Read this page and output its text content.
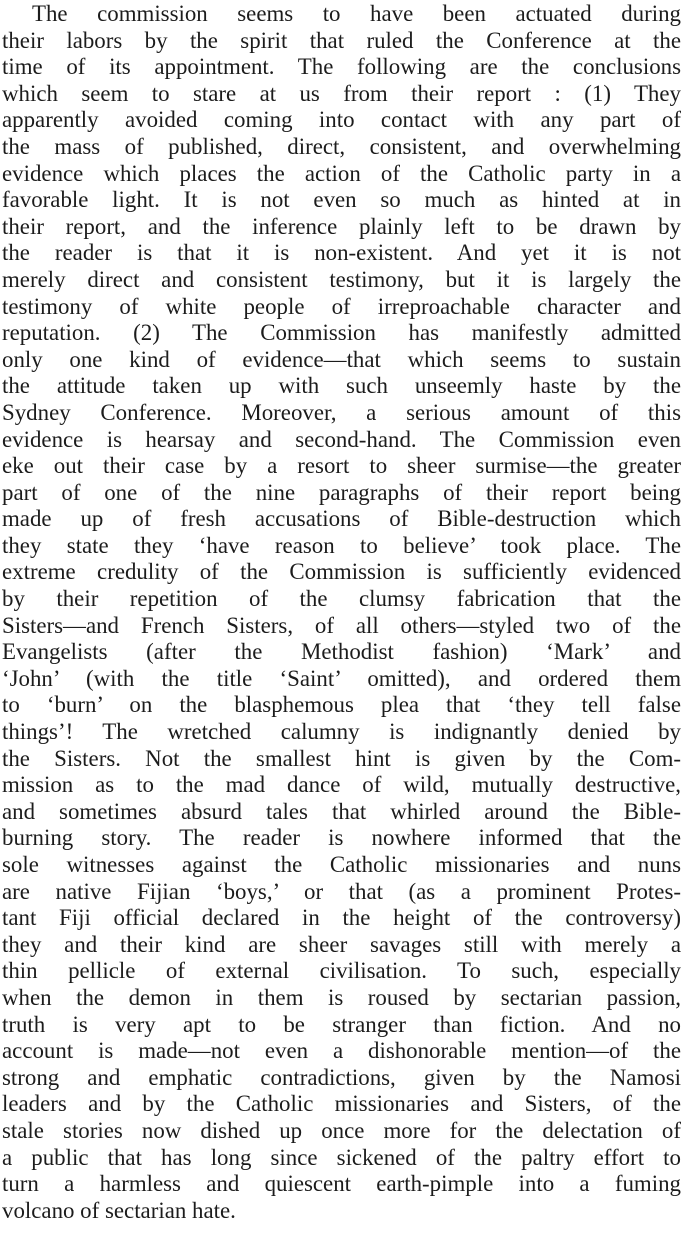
The commission seems to have been actuated during
their labors by the spirit that ruled the Conference at the
time of its appointment. The following are the conclusions
which seem to stare at us from their report : (1) They
apparently avoided coming into contact with any part of
the mass of published, direct, consistent, and overwhelming
evidence which places the action of the Catholic party in a
favorable light. It is not even so much as hinted at in
their report, and the inference plainly left to be drawn by
the reader is that it is non-existent. And yet it is not
merely direct and consistent testimony, but it is largely the
testimony of white people of irreproachable character and
reputation. (2) The Commission has manifestly admitted
only one kind of evidence—that which seems to sustain
the attitude taken up with such unseemly haste by the
Sydney Conference. Moreover, a serious amount of this
evidence is hearsay and second-hand. The Commission even
eke out their case by a resort to sheer surmise—the greater
part of one of the nine paragraphs of their report being
made up of fresh accusations of Bible-destruction which
they state they ‘have reason to believe’ took place. The
extreme credulity of the Commission is sufficiently evidenced
by their repetition of the clumsy fabrication that the
Sisters—and French Sisters, of all others—styled two of the
Evangelists (after the Methodist fashion) ‘Mark’ and
‘John’ (with the title ‘Saint’ omitted), and ordered them
to ‘burn’ on the blasphemous plea that ‘they tell false
things’! The wretched calumny is indignantly denied by
the Sisters. Not the smallest hint is given by the Com-
mission as to the mad dance of wild, mutually destructive,
and sometimes absurd tales that whirled around the Bible-
burning story. The reader is nowhere informed that the
sole witnesses against the Catholic missionaries and nuns
are native Fijian ‘boys,’ or that (as a prominent Protes-
tant Fiji official declared in the height of the controversy)
they and their kind are sheer savages still with merely a
thin pellicle of external civilisation. To such, especially
when the demon in them is roused by sectarian passion,
truth is very apt to be stranger than fiction. And no
account is made—not even a dishonorable mention—of the
strong and emphatic contradictions, given by the Namosi
leaders and by the Catholic missionaries and Sisters, of the
stale stories now dished up once more for the delectation of
a public that has long since sickened of the paltry effort to
turn a harmless and quiescent earth-pimple into a fuming
volcano of sectarian hate.
